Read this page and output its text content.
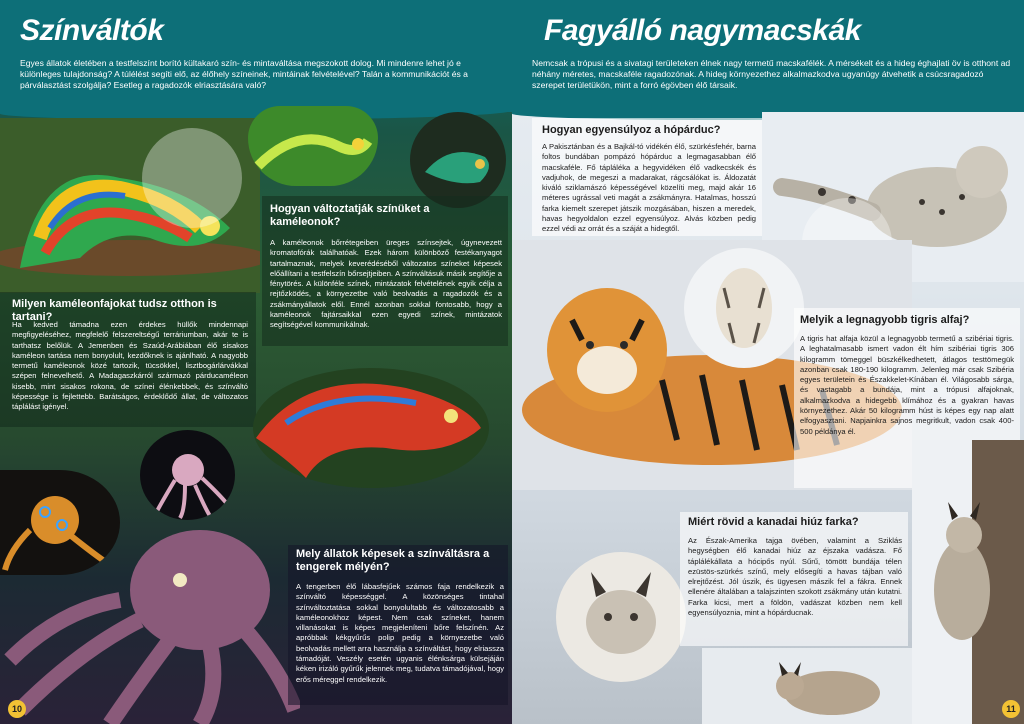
Színváltók
Egyes állatok életében a testfelszínt borító kültakaró szín- és mintaváltása megszokott dolog. Mi mindenre lehet jó e különleges tulajdonság? A túlélést segíti elő, az élőhely színeinek, mintáinak felvételével? Talán a kommunikációt és a párválasztást szolgálja? Esetleg a ragadozók elriasztására való?
Hogyan változtatják színüket a kaméleonok?
A kaméleonok bőrrétegeiben üreges színsejtek, úgynevezett kromatofórák találhatóak. Ezek három különböző festékanyagot tartalmaznak, melyek keverédéséből változatos színeket képesek előállítani a testfelszín bőrsejtjeiben. A színváltásuk másik segítője a fénytörés. A különféle színek, mintázatok felvételének egyik célja a rejtőzködés, a környezetbe való beolvadás a ragadozók és a zsákmányállatok elől. Ennél azonban sokkal fontosabb, hogy a kaméleonok fajtársaikkal ezen egyedi színek, mintázatok segítségével kommunikálnak.
Milyen kaméleonfajokat tudsz otthon is tartani?
Ha kedved támadna ezen érdekes hüllők mindennapi megfigyeléséhez, megfelelő felszereltségű terráriumban, akár te is tarthatsz belőlük. A Jemenben és Szaúd-Arábiában élő sisakos kaméleon tartása nem bonyolult, kezdőknek is ajánlható. A nagyobb termetű kaméleonok közé tartozik, tücsökkel, lisztbogárlárvákkal szépen felnevelhető. A Madagaszkárról származó párducaméleon kisebb, mint sisakos rokona, de színei élénkebbek, és színváltó képessége is fejlettebb. Barátságos, érdeklődő állat, de változatos táplálást igényel.
Mely állatok képesek a színváltásra a tengerek mélyén?
A tengerben élő lábasfejűek számos faja rendelkezik a színváltó képességgel. A közönséges tintahal színváltoztatása sokkal bonyolultabb és változatosabb a kaméleonokhoz képest. Nem csak színeket, hanem villanásokat is képes megjeleníteni bőre felszínén. Az apróbbak kékgyűrűs polip pedig a környezetbe való beolvadás mellett arra használja a színváltást, hogy elriassza támadóját. Veszély esetén ugyanis élénksárga külsejáján kéken irizáló gyűrűk jelennek meg, tudatva támadójával, hogy erős méreggel rendelkezik.
10
Fagyálló nagymacskák
Nemcsak a trópusi és a sivatagi területeken élnek nagy termetű macskafélék. A mérsékelt és a hideg éghajlati öv is otthont ad néhány méretes, macskaféle ragadozónak. A hideg környezethez alkalmazkodva ugyanúgy átvehetik a csúcsragadozó szerepet területükön, mint a forró égövben élő társaik.
Hogyan egyensúlyoz a hópárduc?
A Pakisztánban és a Bajkál-tó vidékén élő, szürkésfehér, barna foltos bundában pompázó hópárduc a legmagasabban élő macskaféle. Fő tápláléka a hegyvidéken élő vadkecskék és vadjuhok, de megeszi a madarakat, rágcsálókat is. Áldozatát kiváló sziklamászó képességével közelíti meg, majd akár 16 méteres ugrással veti magát a zsákmányra. Hatalmas, hosszú farka kiemelt szerepet játszik mozgásában, hiszen a meredek, havas hegyoldalon ezzel egyensúlyoz. Alvás közben pedig ezzel védi az orrát és a száját a hidegtől.
Melyik a legnagyobb tigris alfaj?
A tigris hat alfaja közül a legnagyobb termetű a szibériai tigris. A leghatalmasabb ismert vadon élt hím szibériai tigris 306 kilogramm tömeggel büszkélkedhetett, átlagos testtömegük azonban csak 180-190 kilogramm. Jelenleg már csak Szibéria egyes területein és Északkelet-Kínában él. Világosabb sárga, és vastagabb a bundája, mint a trópusi alfajoknak, alkalmazkodva a hidegebb klímához és a gyakran havas környezethez. Akár 50 kilogramm húst is képes egy nap alatt elfogyasztani. Napjainkra sajnos megritkult, vadon csak 400-500 példánya él.
Miért rövid a kanadai hiúz farka?
Az Észak-Amerika tajga övében, valamint a Sziklás hegységben élő kanadai hiúz az éjszaka vadásza. Fő táplálékállata a hócipős nyúl. Sűrű, tömött bundája télen ezüstös-szürkés színű, mely elősegíti a havas tájban való elrejtőzést. Jól úszik, és ügyesen mászik fel a fákra. Ennek ellenére általában a talajszinten szokott zsákmány után kutatni. Farka kicsi, mert a földön, vadászat közben nem kell egyensúlyoznia, mint a hópárducnak.
11
